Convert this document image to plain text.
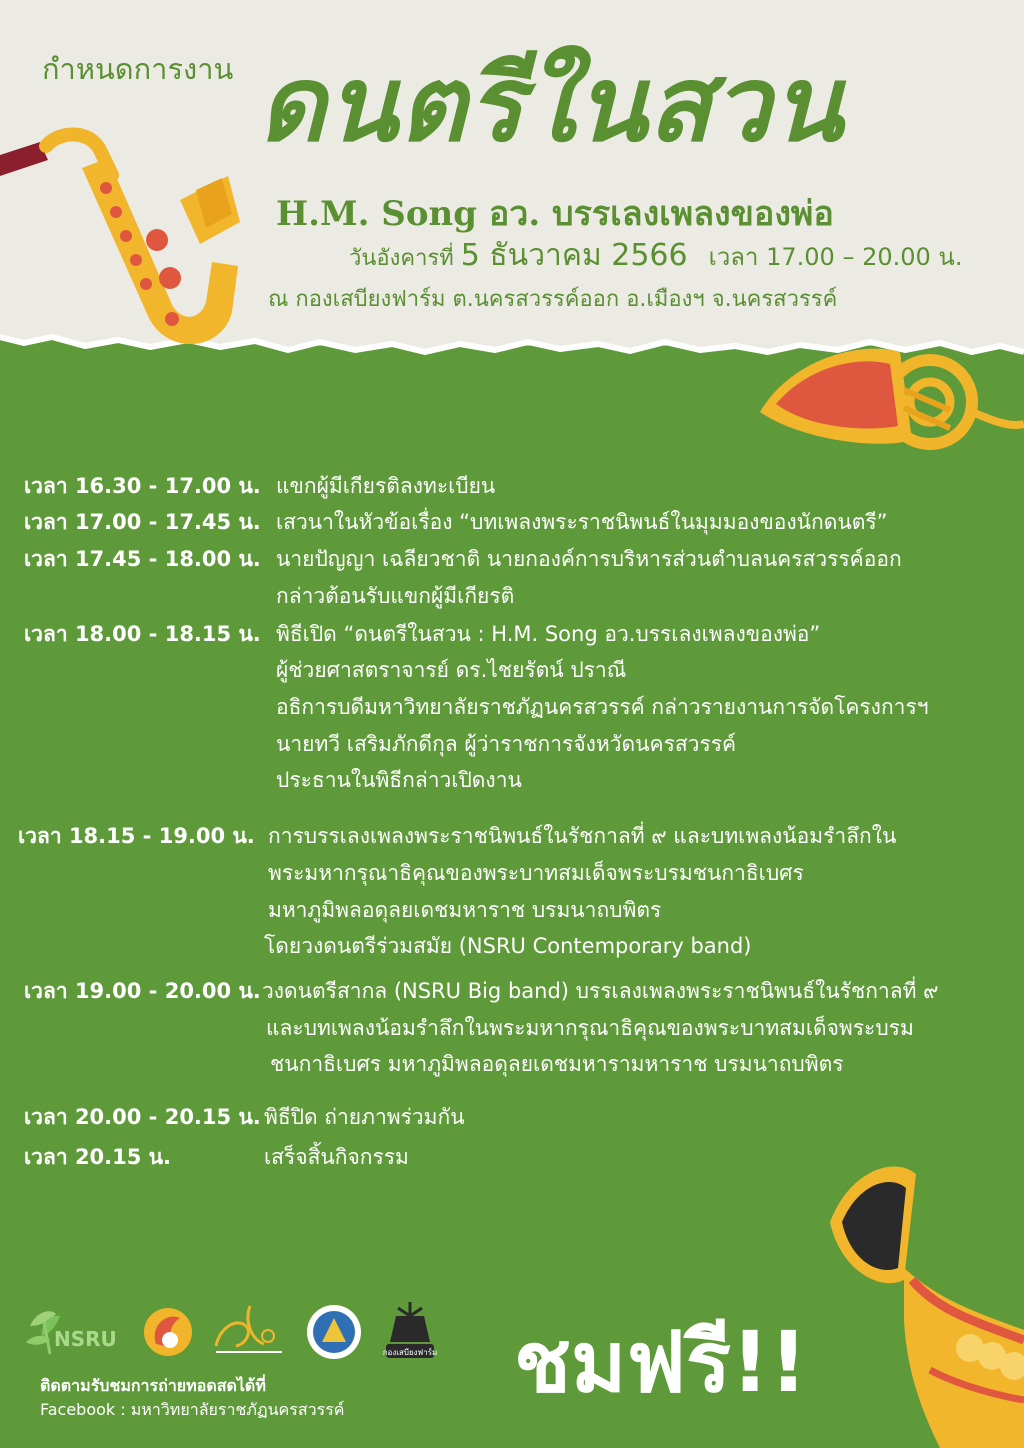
กำหนดการงาน ดนตรีในสวน
H.M. Song อว. บรรเลงเพลงของพ่อ
วันอังคารที่ 5 ธันวาคม 2566 เวลา 17.00 – 20.00 น.
ณ กองเสบียงฟาร์ม ต.นครสวรรค์ออก อ.เมืองฯ จ.นครสวรรค์
เวลา 16.30 - 17.00 น. แขกผู้มีเกียรติลงทะเบียน
เวลา 17.00 - 17.45 น. เสวนาในหัวข้อเรื่อง “บทเพลงพระราชนิพนธ์ในมุมมองของนักดนตรี”
เวลา 17.45 - 18.00 น. นายปัญญา เฉลียวชาติ นายกองค์การบริหารส่วนตำบลนครสวรรค์ออก
กล่าวต้อนรับแขกผู้มีเกียรติ
เวลา 18.00 - 18.15 น. พิธีเปิด “ดนตรีในสวน : H.M. Song อว.บรรเลงเพลงของพ่อ”
ผู้ช่วยศาสตราจารย์ ดร.ไชยรัตน์ ปราณี
อธิการบดีมหาวิทยาลัยราชภัฏนครสวรรค์ กล่าวรายงานการจัดโครงการฯ
นายทวี เสริมภักดีกุล ผู้ว่าราชการจังหวัดนครสวรรค์
ประธานในพิธีกล่าวเปิดงาน
เวลา 18.15 - 19.00 น. การบรรเลงเพลงพระราชนิพนธ์ในรัชกาลที่ ๙ และบทเพลงน้อมรำลึกใน
พระมหากรุณาธิคุณของพระบาทสมเด็จพระบรมชนกาธิเบศร
มหาภูมิพลอดุลยเดชมหาราช บรมนาถบพิตร
โดยวงดนตรีร่วมสมัย (NSRU Contemporary band)
เวลา 19.00 - 20.00 น. วงดนตรีสากล (NSRU Big band) บรรเลงเพลงพระราชนิพนธ์ในรัชกาลที่ ๙
และบทเพลงน้อมรำลึกในพระมหากรุณาธิคุณของพระบาทสมเด็จพระบรม
ชนกาธิเบศร มหาภูมิพลอดุลยเดชมหารามหาราช บรมนาถบพิตร
เวลา 20.00 - 20.15 น. พิธีปิด ถ่ายภาพร่วมกัน
เวลา 20.15 น.	เสร็จสิ้นกิจกรรม
NSRU
กองเสบียงฟาร์ม
ติดตามรับชมการถ่ายทอดสดได้ที่
Facebook : มหาวิทยาลัยราชภัฏนครสวรรค์ ชมฟรี!!
